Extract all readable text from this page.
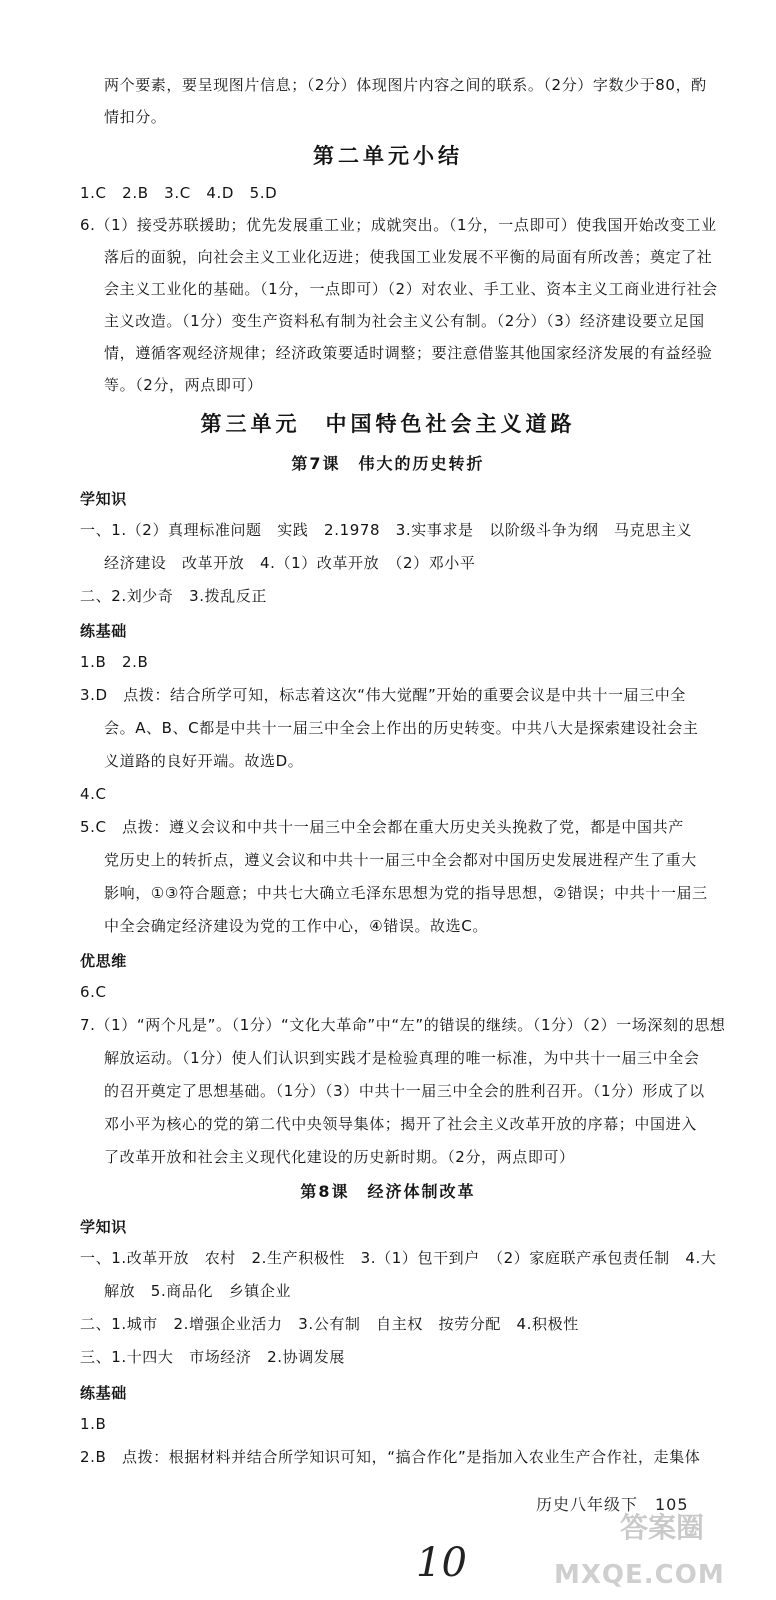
两个要素，要呈现图片信息；（2分）体现图片内容之间的联系。（2分）字数少于80，酌
情扣分。
第二单元小结
1.C　2.B　3.C　4.D　5.D
6.（1）接受苏联援助；优先发展重工业；成就突出。（1分，一点即可）使我国开始改变工业
落后的面貌，向社会主义工业化迈进；使我国工业发展不平衡的局面有所改善；奠定了社
会主义工业化的基础。（1分，一点即可）（2）对农业、手工业、资本主义工商业进行社会
主义改造。（1分）变生产资料私有制为社会主义公有制。（2分）（3）经济建设要立足国
情，遵循客观经济规律；经济政策要适时调整；要注意借鉴其他国家经济发展的有益经验
等。（2分，两点即可）
第三单元　中国特色社会主义道路
第7课　伟大的历史转折
学知识
一、1.（2）真理标准问题　实践　2.1978　3.实事求是　以阶级斗争为纲　马克思主义
经济建设　改革开放　4.（1）改革开放　（2）邓小平
二、2.刘少奇　3.拨乱反正
练基础
1.B　2.B
3.D　点拨：结合所学可知，标志着这次“伟大觉醒”开始的重要会议是中共十一届三中全
会。A、B、C都是中共十一届三中全会上作出的历史转变。中共八大是探索建设社会主
义道路的良好开端。故选D。
4.C
5.C　点拨：遵义会议和中共十一届三中全会都在重大历史关头挽救了党，都是中国共产
党历史上的转折点，遵义会议和中共十一届三中全会都对中国历史发展进程产生了重大
影响，①③符合题意；中共七大确立毛泽东思想为党的指导思想，②错误；中共十一届三
中全会确定经济建设为党的工作中心，④错误。故选C。
优思维
6.C
7.（1）“两个凡是”。（1分）“文化大革命”中“左”的错误的继续。（1分）（2）一场深刻的思想
解放运动。（1分）使人们认识到实践才是检验真理的唯一标准，为中共十一届三中全会
的召开奠定了思想基础。（1分）（3）中共十一届三中全会的胜利召开。（1分）形成了以
邓小平为核心的党的第二代中央领导集体；揭开了社会主义改革开放的序幕；中国进入
了改革开放和社会主义现代化建设的历史新时期。（2分，两点即可）
第8课　经济体制改革
学知识
一、1.改革开放　农村　2.生产积极性　3.（1）包干到户　（2）家庭联产承包责任制　4.大
解放　5.商品化　乡镇企业
二、1.城市　2.增强企业活力　3.公有制　自主权　按劳分配　4.积极性
三、1.十四大　市场经济　2.协调发展
练基础
1.B
2.B　点拨：根据材料并结合所学知识可知，“搞合作化”是指加入农业生产合作社，走集体
历史八年级下　105
答案圈
MXQE.COM
10
